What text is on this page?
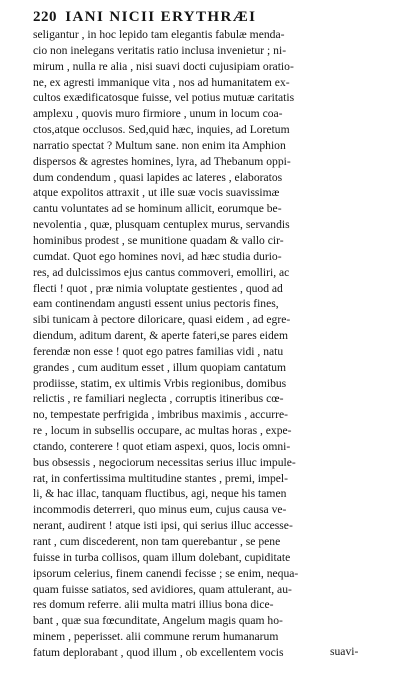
220 IANI NICII ERYTHRÆI
seligantur , in hoc lepido tam elegantis fabulæ menda-
cio non inelegans veritatis ratio inclusa invenietur ; ni-
mirum , nulla re alia , nisi suavi docti cujusipiam oratio-
ne, ex agresti immanique vita , nos ad humanitatem ex-
cultos exædificatosque fuisse, vel potius mutuæ caritatis
amplexu , quovis muro firmiore , unum in locum coa-
ctos,atque occlusos. Sed,quid hæc, inquies, ad Loretum
narratio spectat ? Multum sane. non enim ita Amphion
dispersos & agrestes homines, lyra, ad Thebanum oppi-
dum condendum , quasi lapides ac lateres , elaboratos
atque expolitos attraxit , ut ille suæ vocis suavissimæ
cantu voluntates ad se hominum allicit, eorumque be-
nevolentia , quæ, plusquam centuplex murus, servandis
hominibus prodest , se munitione quadam & vallo cir-
cumdat. Quot ego homines novi, ad hæc studia durio-
res, ad dulcissimos ejus cantus commoveri, emolliri, ac
flecti ! quot , præ nimia voluptate gestientes , quod ad
eam continendam angusti essent unius pectoris fines,
sibi tunicam à pectore diloricare, quasi eidem , ad egre-
diendum, aditum darent, & aperte fateri,se pares eidem
ferendæ non esse ! quot ego patres familias vidi , natu
grandes , cum auditum esset , illum quopiam cantatum
prodiisse, statim, ex ultimis Vrbis regionibus, domibus
relictis , re familiari neglecta , corruptis itineribus cœ-
no, tempestate perfrigida , imbribus maximis , accurre-
re , locum in subsellis occupare, ac multas horas , expe-
ctando, conterere ! quot etiam aspexi, quos, locis omni-
bus obsessis , negociorum necessitas serius illuc impule-
rat, in confertissima multitudine stantes , premi, impel-
li, & hac illac, tanquam fluctibus, agi, neque his tamen
incommodis deterreri, quo minus eum, cujus causa ve-
nerant, audirent ! atque isti ipsi, qui serius illuc accesse-
rant , cum discederent, non tam querebantur , se pene
fuisse in turba collisos, quam illum dolebant, cupiditate
ipsorum celerius, finem canendi fecisse ; se enim, nequa-
quam fuisse satiatos, sed avidiores, quam attulerant, au-
res domum referre. alii multa matri illius bona dice-
bant , quæ sua fœcunditate, Angelum magis quam ho-
minem , peperisset. alii commune rerum humanarum
fatum deplorabant , quod illum , ob excellentem vocis	suavi-
